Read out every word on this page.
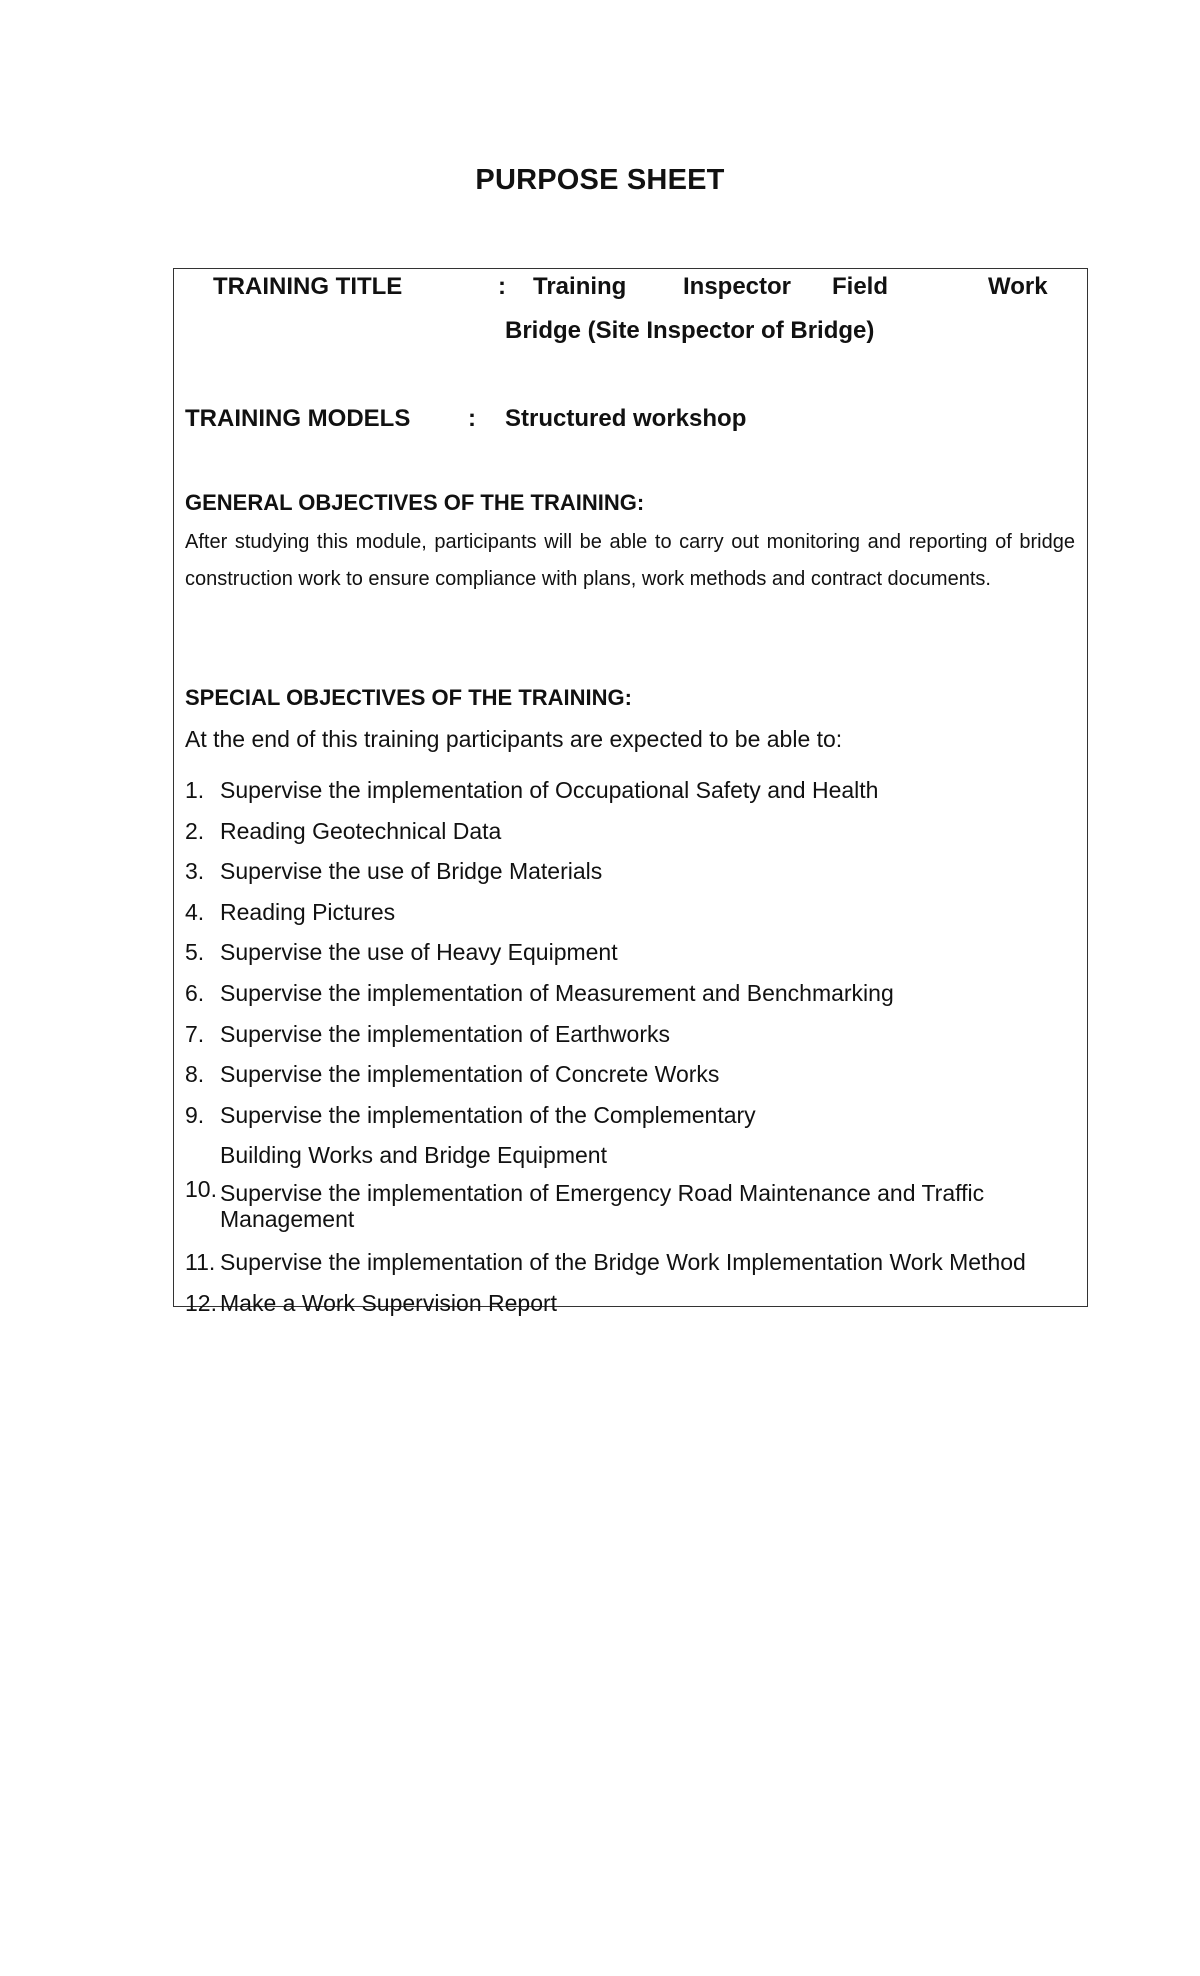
PURPOSE SHEET
TRAINING TITLE	: Training Inspector Field	Work
Bridge (Site Inspector of Bridge)
TRAINING MODELS : Structured workshop
GENERAL OBJECTIVES OF THE TRAINING:
After studying this module, participants will be able to carry out monitoring and reporting of bridge construction work to ensure compliance with plans, work methods and contract documents.
SPECIAL OBJECTIVES OF THE TRAINING:
At the end of this training participants are expected to be able to:
1. Supervise the implementation of Occupational Safety and Health
2. Reading Geotechnical Data
3. Supervise the use of Bridge Materials
4. Reading Pictures
5. Supervise the use of Heavy Equipment
6. Supervise the implementation of Measurement and Benchmarking
7. Supervise the implementation of Earthworks
8. Supervise the implementation of Concrete Works
9. Supervise the implementation of the Complementary Building Works and Bridge Equipment
10. Supervise the implementation of Emergency Road Maintenance and Traffic Management
11. Supervise the implementation of the Bridge Work Implementation Work Method
12. Make a Work Supervision Report
